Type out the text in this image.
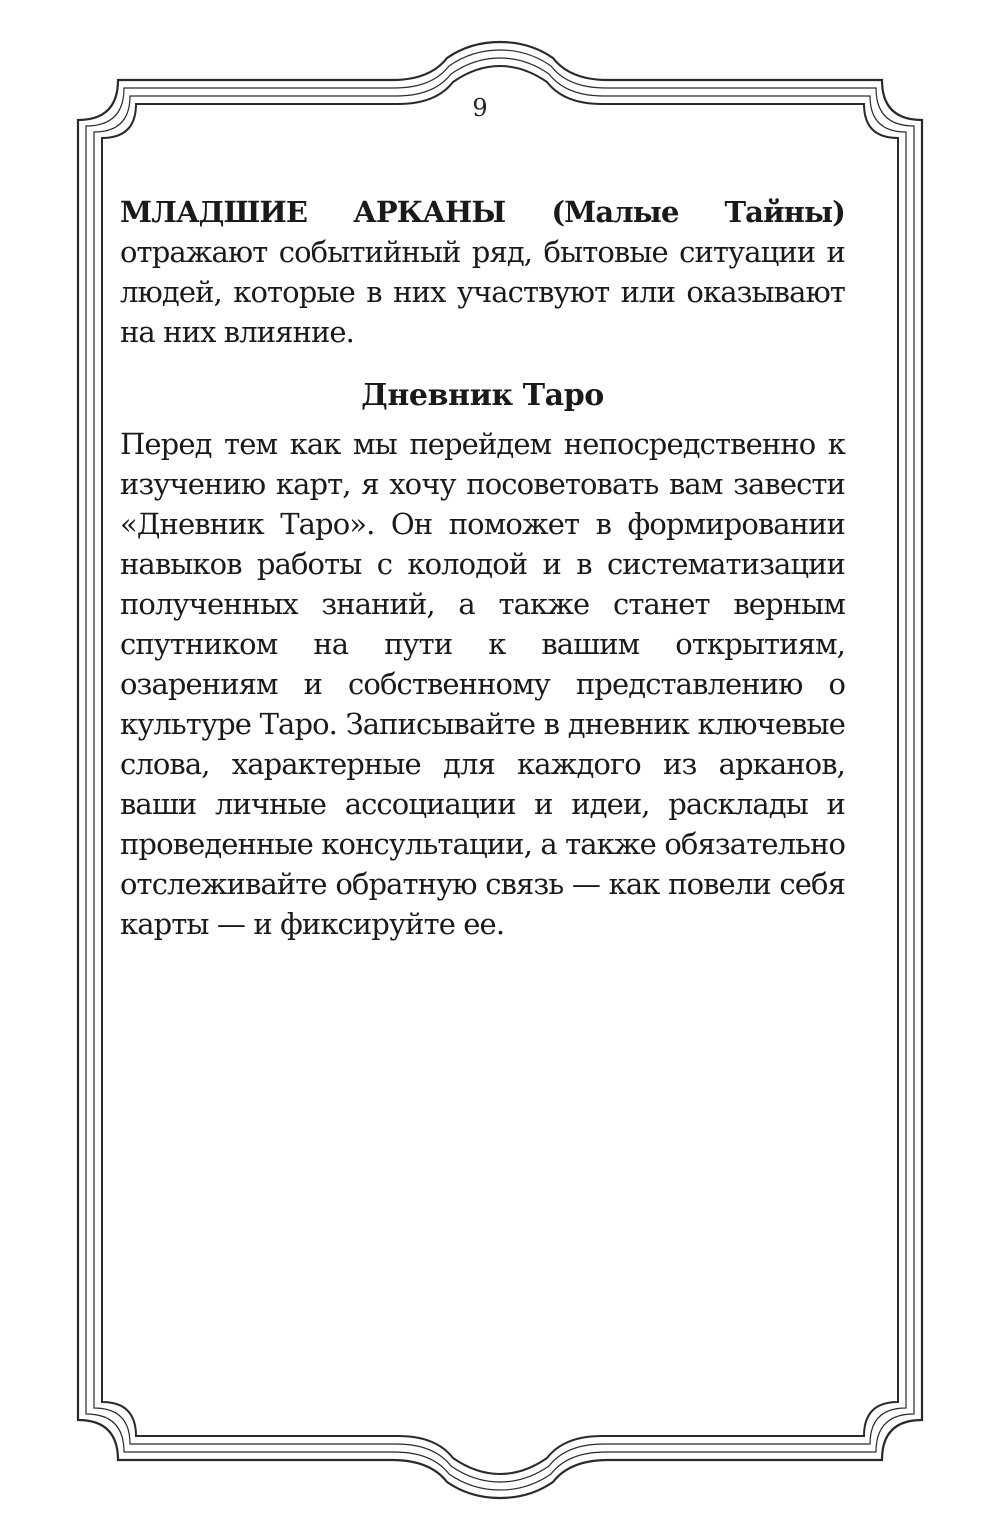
9

МЛАДШИЕ АРКАНЫ (Малые Тайны) отражают событийный ряд, бытовые ситуации и людей, которые в них участвуют или оказывают на них влияние.

Дневник Таро

Перед тем как мы перейдем непосредственно к изучению карт, я хочу посоветовать вам завести «Дневник Таро». Он поможет в формировании навыков работы с колодой и в систематизации полученных знаний, а также станет верным спутником на пути к вашим открытиям, озарениям и собственному представлению о культуре Таро. Записывайте в дневник ключевые слова, характерные для каждого из арканов, ваши личные ассоциации и идеи, расклады и проведенные консультации, а также обязательно отслеживайте обратную связь — как повели себя карты — и фиксируйте ее.
